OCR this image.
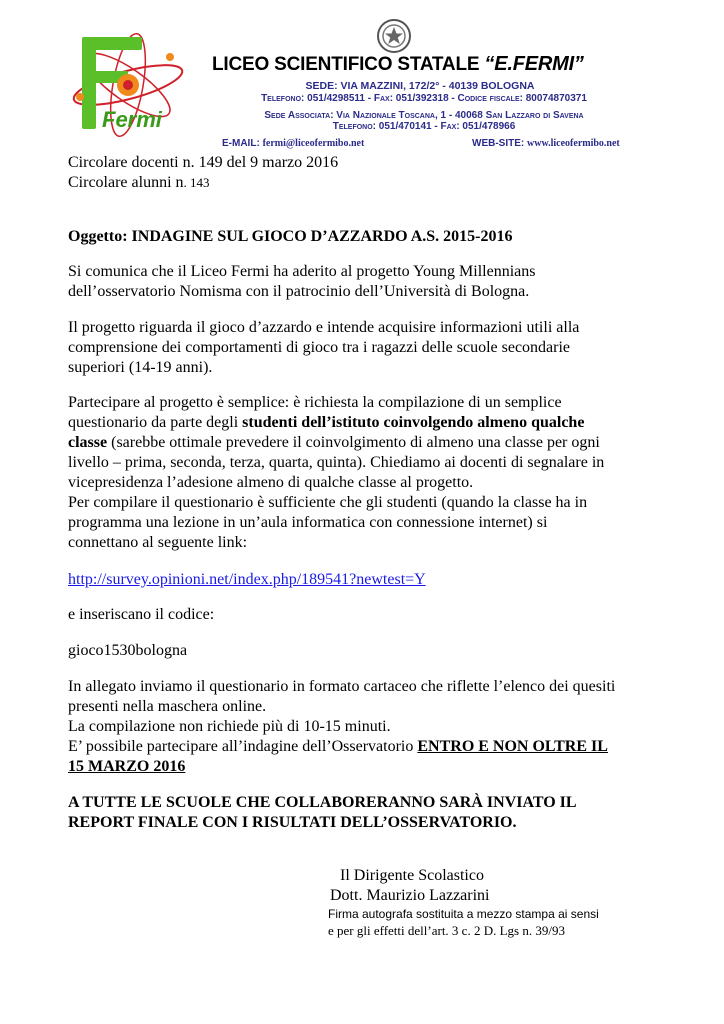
Fermi
LICEO SCIENTIFICO STATALE “E.FERMI”
SEDE: VIA MAZZINI, 172/2° - 40139 BOLOGNA
Telefono: 051/4298511 - Fax: 051/392318 - Codice fiscale: 80074870371
Sede Associata: Via Nazionale Toscana, 1 - 40068 San Lazzaro di Savena
Telefono: 051/470141 - Fax: 051/478966
E-MAIL: fermi@liceofermibo.net	WEB-SITE: www.liceofermibo.net
Circolare docenti n. 149 del 9 marzo 2016
Circolare alunni n. 143
Oggetto: INDAGINE SUL GIOCO D’AZZARDO A.S. 2015-2016
Si comunica che il Liceo Fermi ha aderito al progetto Young Millennians
dell’osservatorio Nomisma con il patrocinio dell’Università di Bologna.
Il progetto riguarda il gioco d’azzardo e intende acquisire informazioni utili alla
comprensione dei comportamenti di gioco tra i ragazzi delle scuole secondarie
superiori (14-19 anni).
Partecipare al progetto è semplice: è richiesta la compilazione di un semplice
questionario da parte degli studenti dell’istituto coinvolgendo almeno qualche
classe (sarebbe ottimale prevedere il coinvolgimento di almeno una classe per ogni
livello – prima, seconda, terza, quarta, quinta). Chiediamo ai docenti di segnalare in
vicepresidenza l’adesione almeno di qualche classe al progetto.
Per compilare il questionario è sufficiente che gli studenti (quando la classe ha in
programma una lezione in un’aula informatica con connessione internet) si
connettano al seguente link:
http://survey.opinioni.net/index.php/189541?newtest=Y
e inseriscano il codice:
gioco1530bologna
In allegato inviamo il questionario in formato cartaceo che riflette l’elenco dei quesiti
presenti nella maschera online.
La compilazione non richiede più di 10-15 minuti.
E’ possibile partecipare all’indagine dell’Osservatorio ENTRO E NON OLTRE IL
15 MARZO 2016
A TUTTE LE SCUOLE CHE COLLABORERANNO SARÀ INVIATO IL
REPORT FINALE CON I RISULTATI DELL’OSSERVATORIO.
Il Dirigente Scolastico
Dott. Maurizio Lazzarini
Firma autografa sostituita a mezzo stampa ai sensi
e per gli effetti dell’art. 3 c. 2 D. Lgs n. 39/93
